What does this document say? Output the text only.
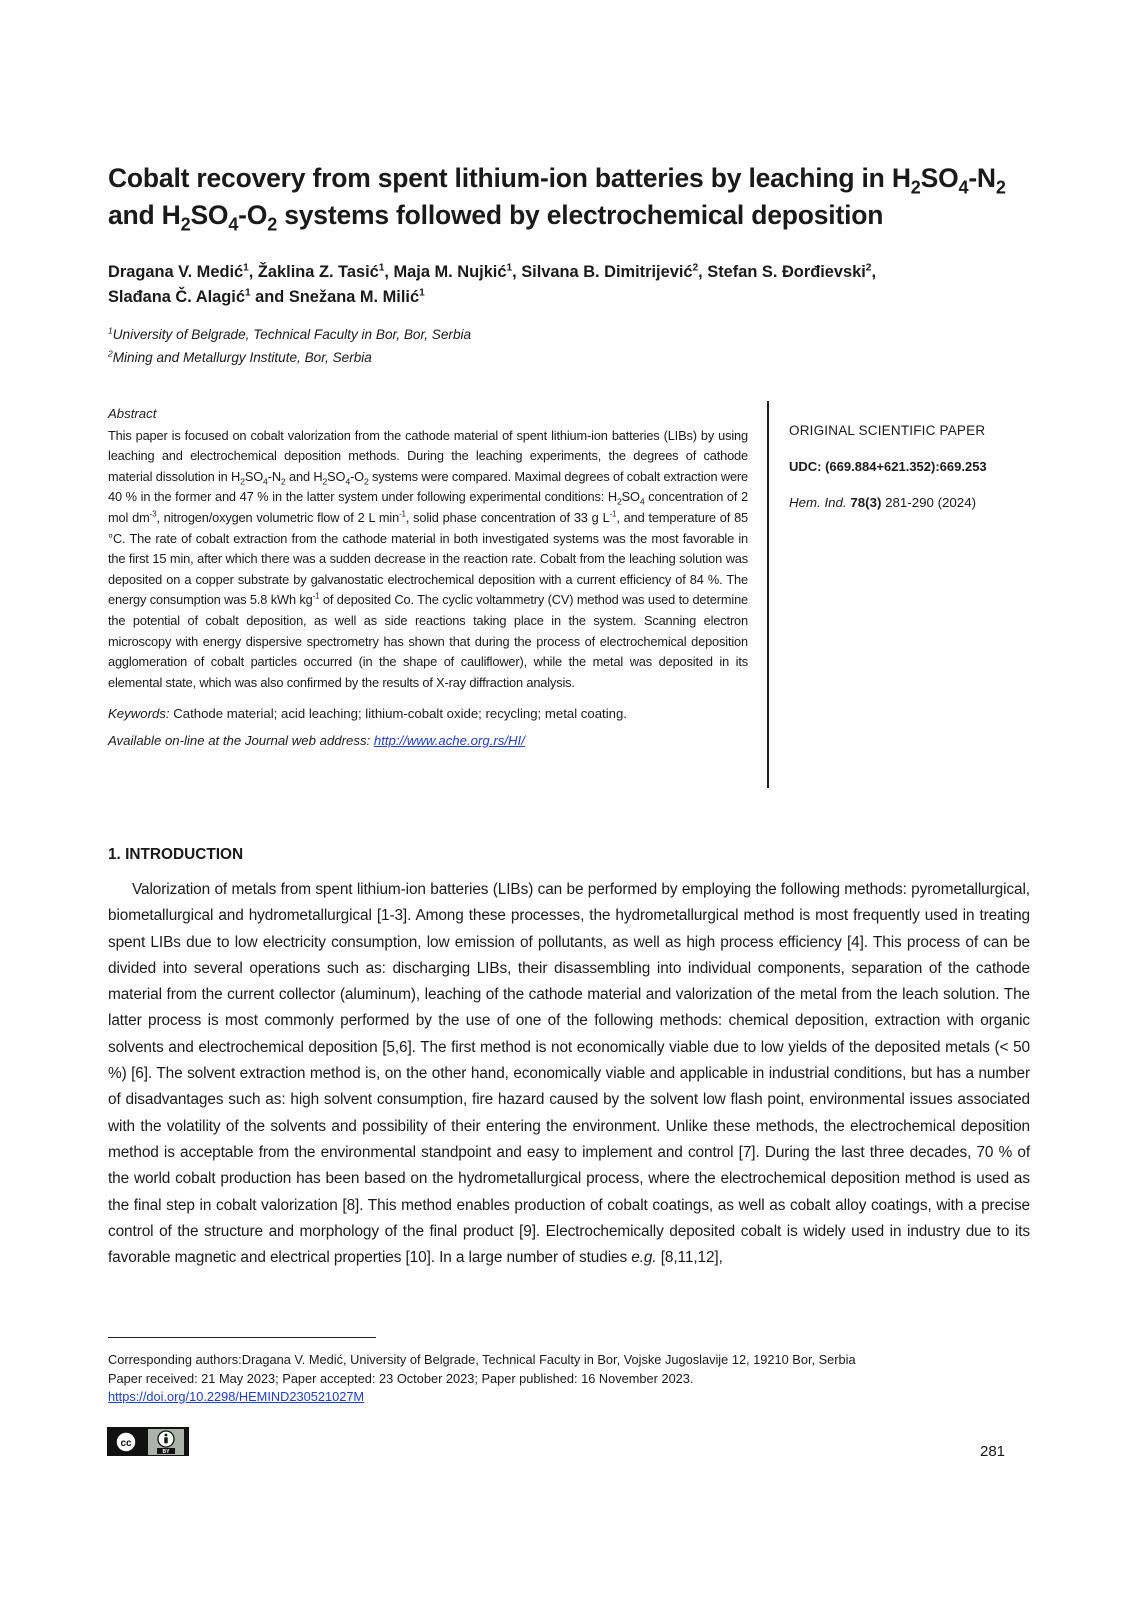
Cobalt recovery from spent lithium-ion batteries by leaching in $H_2SO_4-N_2$
and $H_2SO_4-O_2$ systems followed by electrochemical deposition
Dragana V. Medić$^1$, Žaklina Z. Tasić$^1$, Maja M. Nujkić$^1$, Silvana B. Dimitrijević$^2$, Stefan S. Đorđievski$^2$,
Slađana Č. Alagić$^1$ and Snežana M. Milić$^1$
$^1$University of Belgrade, Technical Faculty in Bor, Bor, Serbia
$^2$Mining and Metallurgy Institute, Bor, Serbia
Abstract
This paper is focused on cobalt valorization from the cathode material of spent lithium-ion batteries (LIBs) by using leaching and electrochemical deposition methods. During the leaching experiments, the degrees of cathode material dissolution in $H_2SO_4-N_2$ and $H_2SO_4-O_2$ systems were compared. Maximal degrees of cobalt extraction were 40 % in the former and 47 % in the latter system under following experimental conditions: $H_2SO_4$ concentration of 2 mol $dm^{-3}$, nitrogen/oxygen volumetric flow of 2 L $\min^{-1}$, solid phase concentration of 33 g $L^{-1}$, and temperature of 85 °C. The rate of cobalt extraction from the cathode material in both investigated systems was the most favorable in the first 15 min, after which there was a sudden decrease in the reaction rate. Cobalt from the leaching solution was deposited on a copper substrate by galvanostatic electrochemical deposition with a current efficiency of 84 %. The energy consumption was 5.8 kWh $kg^{-1}$ of deposited Co. The cyclic voltammetry (CV) method was used to determine the potential of cobalt deposition, as well as side reactions taking place in the system. Scanning electron microscopy with energy dispersive spectrometry has shown that during the process of electrochemical deposition agglomeration of cobalt particles occurred (in the shape of cauliflower), while the metal was deposited in its elemental state, which was also confirmed by the results of X-ray diffraction analysis.
Keywords: Cathode material; acid leaching; lithium-cobalt oxide; recycling; metal coating.
Available on-line at the Journal web address: http://www.ache.org.rs/HI/
ORIGINAL SCIENTIFIC PAPER
UDC: (669.884+621.352):669.253
Hem. Ind. 78(3) 281-290 (2024)
1. INTRODUCTION
Valorization of metals from spent lithium-ion batteries (LIBs) can be performed by employing the following methods: pyrometallurgical, biometallurgical and hydrometallurgical [1-3]. Among these processes, the hydrometallurgical method is most frequently used in treating spent LIBs due to low electricity consumption, low emission of pollutants, as well as high process efficiency [4]. This process of can be divided into several operations such as: discharging LIBs, their disassembling into individual components, separation of the cathode material from the current collector (aluminum), leaching of the cathode material and valorization of the metal from the leach solution. The latter process is most commonly performed by the use of one of the following methods: chemical deposition, extraction with organic solvents and electrochemical deposition [5,6]. The first method is not economically viable due to low yields of the deposited metals (< 50 %) [6]. The solvent extraction method is, on the other hand, economically viable and applicable in industrial conditions, but has a number of disadvantages such as: high solvent consumption, fire hazard caused by the solvent low flash point, environmental issues associated with the volatility of the solvents and possibility of their entering the environment. Unlike these methods, the electrochemical deposition method is acceptable from the environmental standpoint and easy to implement and control [7]. During the last three decades, 70 % of the world cobalt production has been based on the hydrometallurgical process, where the electrochemical deposition method is used as the final step in cobalt valorization [8]. This method enables production of cobalt coatings, as well as cobalt alloy coatings, with a precise control of the structure and morphology of the final product [9]. Electrochemically deposited cobalt is widely used in industry due to its favorable magnetic and electrical properties [10]. In a large number of studies e.g. [8,11,12],
Corresponding authors:Dragana V. Medić, University of Belgrade, Technical Faculty in Bor, Vojske Jugoslavije 12, 19210 Bor, Serbia
Paper received: 21 May 2023; Paper accepted: 23 October 2023; Paper published: 16 November 2023.
https://doi.org/10.2298/HEMIND230521027M
cc
BY	281
